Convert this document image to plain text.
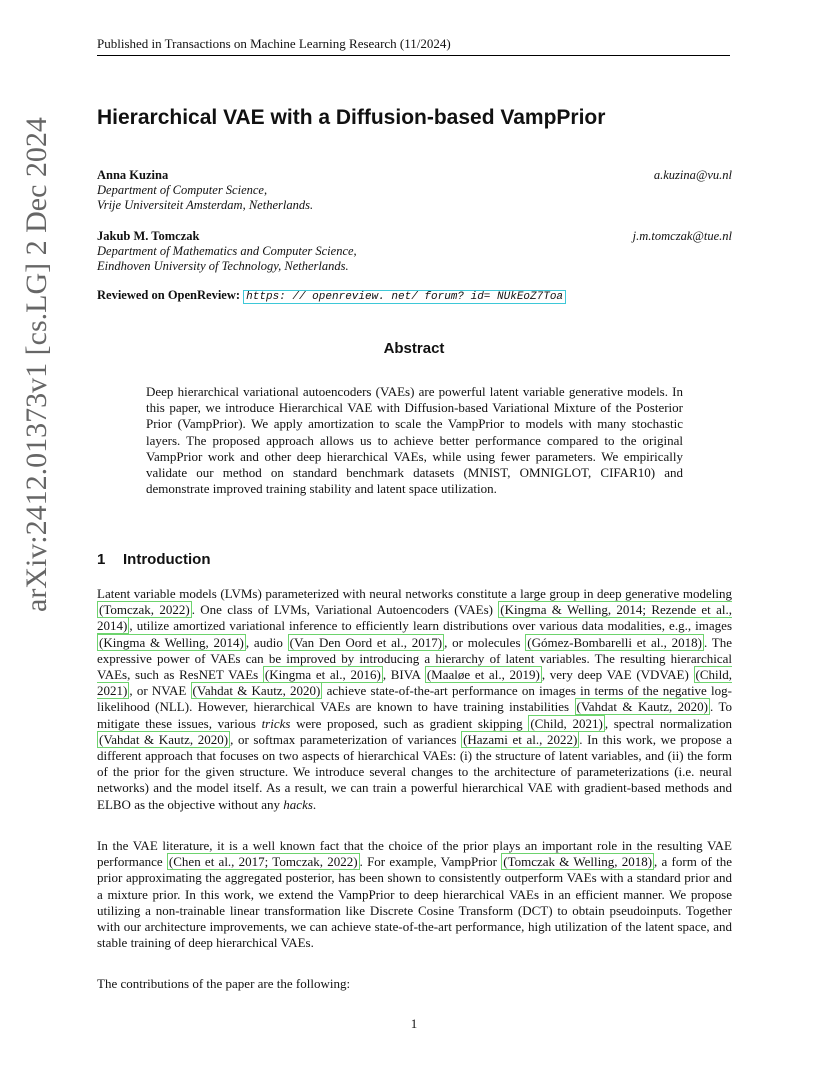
Published in Transactions on Machine Learning Research (11/2024)
arXiv:2412.01373v1 [cs.LG] 2 Dec 2024 Hierarchical VAE with a Diffusion-based VampPrior
Anna Kuzina	a.kuzina@vu.nl
Department of Computer Science,
Vrije Universiteit Amsterdam, Netherlands.
Jakub M. Tomczak	j.m.tomczak@tue.nl
Department of Mathematics and Computer Science,
Eindhoven University of Technology, Netherlands.
Reviewed on OpenReview: https: // openreview. net/ forum? id= NUkEoZ7Toa
Abstract
Deep hierarchical variational autoencoders (VAEs) are powerful latent variable generative models. In this paper, we introduce Hierarchical VAE with Diffusion-based Variational Mixture of the Posterior Prior (VampPrior). We apply amortization to scale the VampPrior to models with many stochastic layers. The proposed approach allows us to achieve better performance compared to the original VampPrior work and other deep hierarchical VAEs, while using fewer parameters. We empirically validate our method on standard benchmark datasets (MNIST, OMNIGLOT, CIFAR10) and demonstrate improved training stability and latent space utilization.
1 Introduction
Latent variable models (LVMs) parameterized with neural networks constitute a large group in deep generative modeling (Tomczak, 2022) . One class of LVMs, Variational Autoencoders (VAEs) (Kingma & Welling, 2014; Rezende et al., 2014) , utilize amortized variational inference to efficiently learn distributions over various data modalities, e.g., images (Kingma & Welling, 2014) , audio (Van Den Oord et al., 2017) , or molecules (Gómez-Bombarelli et al., 2018) . The expressive power of VAEs can be improved by introducing a hierarchy of latent variables. The resulting hierarchical VAEs, such as ResNET VAEs (Kingma et al., 2016) , BIVA (Maaløe et al., 2019) , very deep VAE (VDVAE) (Child, 2021) , or NVAE (Vahdat & Kautz, 2020) achieve state-of-the-art performance on images in terms of the negative log-likelihood (NLL). However, hierarchical VAEs are known to have training instabilities (Vahdat & Kautz, 2020) . To mitigate these issues, various tricks were proposed, such as gradient skipping (Child, 2021) , spectral normalization (Vahdat & Kautz, 2020) , or softmax parameterization of variances (Hazami et al., 2022) . In this work, we propose a different approach that focuses on two aspects of hierarchical VAEs: (i) the structure of latent variables, and (ii) the form of the prior for the given structure. We introduce several changes to the architecture of parameterizations (i.e. neural networks) and the model itself. As a result, we can train a powerful hierarchical VAE with gradient-based methods and ELBO as the objective without any hacks.
In the VAE literature, it is a well known fact that the choice of the prior plays an important role in the resulting VAE performance (Chen et al., 2017; Tomczak, 2022) . For example, VampPrior (Tomczak & Welling, 2018) , a form of the prior approximating the aggregated posterior, has been shown to consistently outperform VAEs with a standard prior and a mixture prior. In this work, we extend the VampPrior to deep hierarchical VAEs in an efficient manner. We propose utilizing a non-trainable linear transformation like Discrete Cosine Transform (DCT) to obtain pseudoinputs. Together with our architecture improvements, we can achieve state-of-the-art performance, high utilization of the latent space, and stable training of deep hierarchical VAEs.
The contributions of the paper are the following:
1
